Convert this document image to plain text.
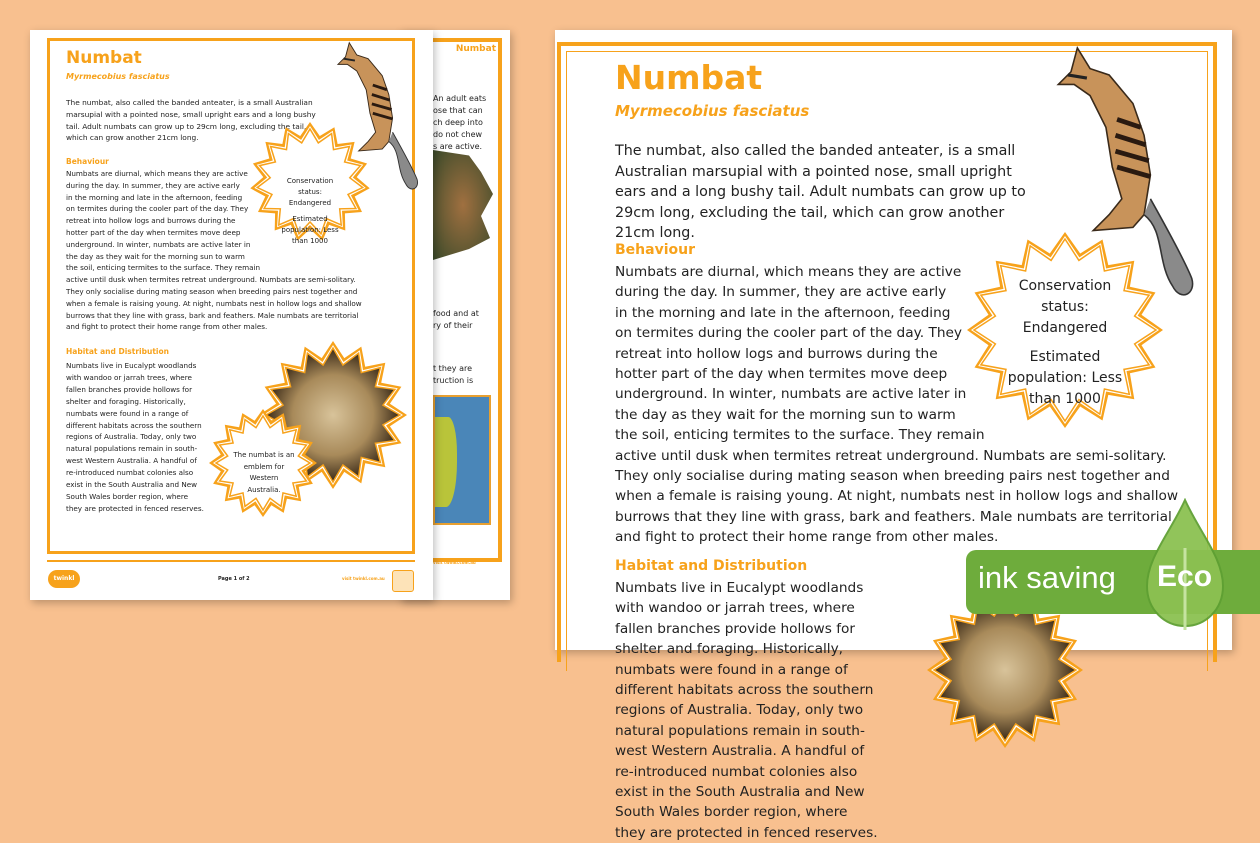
Numbat

An adult eats

ose that can

ch deep into

do not chew

s are active.

food and at

ry of their

t they are

truction is

visit twinkl.com.au
Numbat
Myrmecobius fasciatus
The numbat, also called the banded anteater, is a small Australian marsupial with a pointed nose, small upright ears and a long bushy tail. Adult numbats can grow up to 29cm long, excluding the tail, which can grow another 21cm long.
Behaviour

Numbats are diurnal, which means they are active

during the day. In summer, they are active early

in the morning and late in the afternoon, feeding

on termites during the cooler part of the day. They

retreat into hollow logs and burrows during the

hotter part of the day when termites move deep

underground. In winter, numbats are active later in

the day as they wait for the morning sun to warm

the soil, enticing termites to the surface. They remain

active until dusk when termites retreat underground. Numbats are semi-solitary.

They only socialise during mating season when breeding pairs nest together and

when a female is raising young. At night, numbats nest in hollow logs and shallow

burrows that they line with grass, bark and feathers. Male numbats are territorial

and fight to protect their home range from other males.

Habitat and Distribution

Numbats live in Eucalypt woodlands

with wandoo or jarrah trees, where

fallen branches provide hollows for

shelter and foraging. Historically,

numbats were found in a range of

different habitats across the southern

regions of Australia. Today, only two

natural populations remain in south-

west Western Australia. A handful of

re-introduced numbat colonies also

exist in the South Australia and New

South Wales border region, where

they are protected in fenced reserves.

Conservation status: Endangered

Estimated population: Less than 1000

The numbat is an emblem for Western Australia.
twinkl	Page 1 of 2	visit twinkl.com.au
Numbat
Myrmecobius fasciatus
The numbat, also called the banded anteater, is a small Australian marsupial with a pointed nose, small upright ears and a long bushy tail. Adult numbats can grow up to 29cm long, excluding the tail, which can grow another 21cm long.
Behaviour

Numbats are diurnal, which means they are active

during the day. In summer, they are active early

in the morning and late in the afternoon, feeding

on termites during the cooler part of the day. They

retreat into hollow logs and burrows during the

hotter part of the day when termites move deep

underground. In winter, numbats are active later in

the day as they wait for the morning sun to warm

the soil, enticing termites to the surface. They remain

active until dusk when termites retreat underground. Numbats are semi-solitary.

They only socialise during mating season when breeding pairs nest together and

when a female is raising young. At night, numbats nest in hollow logs and shallow

burrows that they line with grass, bark and feathers. Male numbats are territorial

and fight to protect their home range from other males.

Habitat and Distribution

Numbats live in Eucalypt woodlands

with wandoo or jarrah trees, where

fallen branches provide hollows for

shelter and foraging. Historically,

numbats were found in a range of

different habitats across the southern

regions of Australia. Today, only two

natural populations remain in south-

west Western Australia. A handful of

re-introduced numbat colonies also

exist in the South Australia and New

South Wales border region, where

they are protected in fenced reserves.

Conservation status: Endangered

Estimated population: Less than 1000

ink saving Eco
